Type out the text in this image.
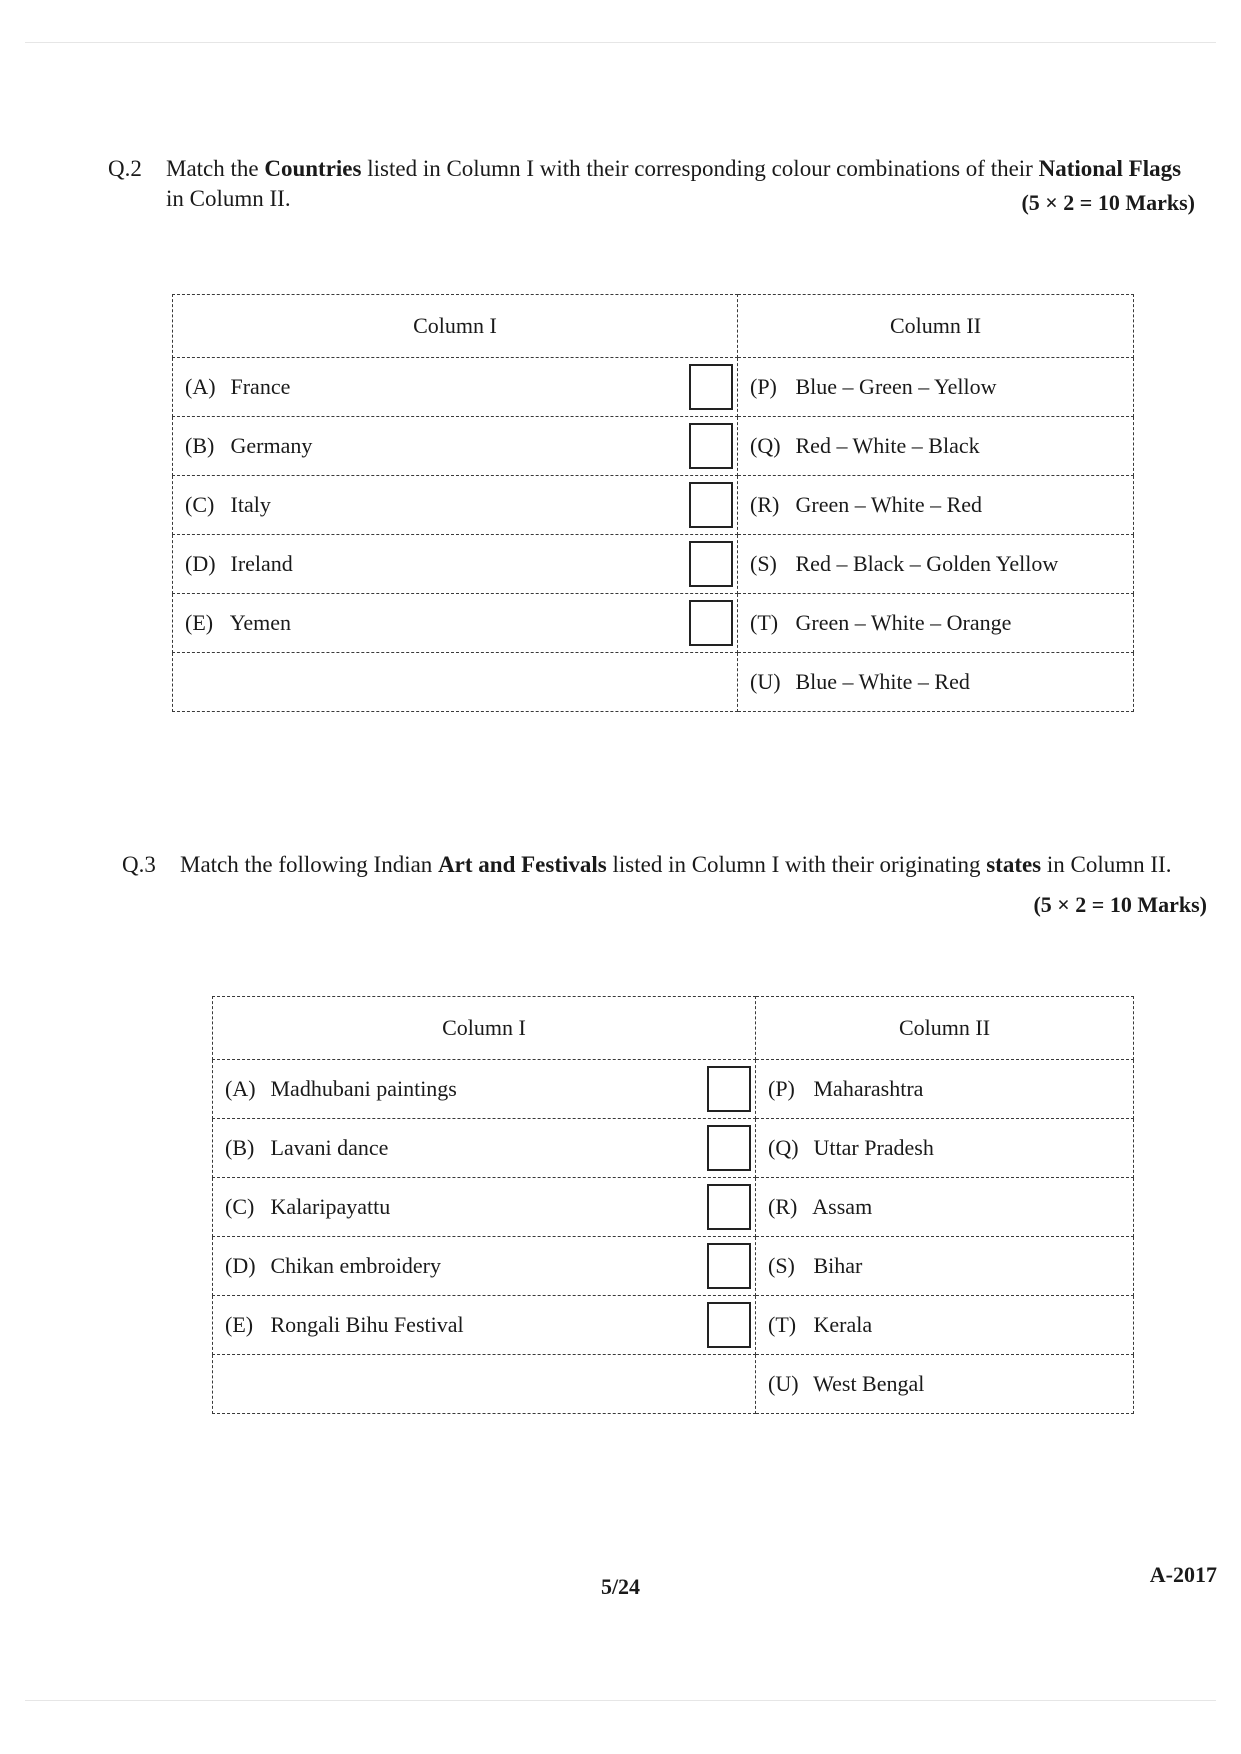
Q.2 Match the Countries listed in Column I with their corresponding colour combinations of their National Flags in Column II.	(5 × 2 = 10 Marks)
Column I	Column II
(A) France	(P) Blue – Green – Yellow
(B) Germany	(Q) Red – White – Black
(C) Italy	(R) Green – White – Red
(D) Ireland	(S) Red – Black – Golden Yellow
(E) Yemen	(T) Green – White – Orange
	(U) Blue – White – Red
Q.3 Match the following Indian Art and Festivals listed in Column I with their originating states in Column II.
(5 × 2 = 10 Marks)
Column I	Column II
(A) Madhubani paintings	(P) Maharashtra
(B) Lavani dance	(Q) Uttar Pradesh
(C) Kalaripayattu	(R) Assam
(D) Chikan embroidery	(S) Bihar
(E) Rongali Bihu Festival	(T) Kerala
	(U) West Bengal
5/24	A-2017
